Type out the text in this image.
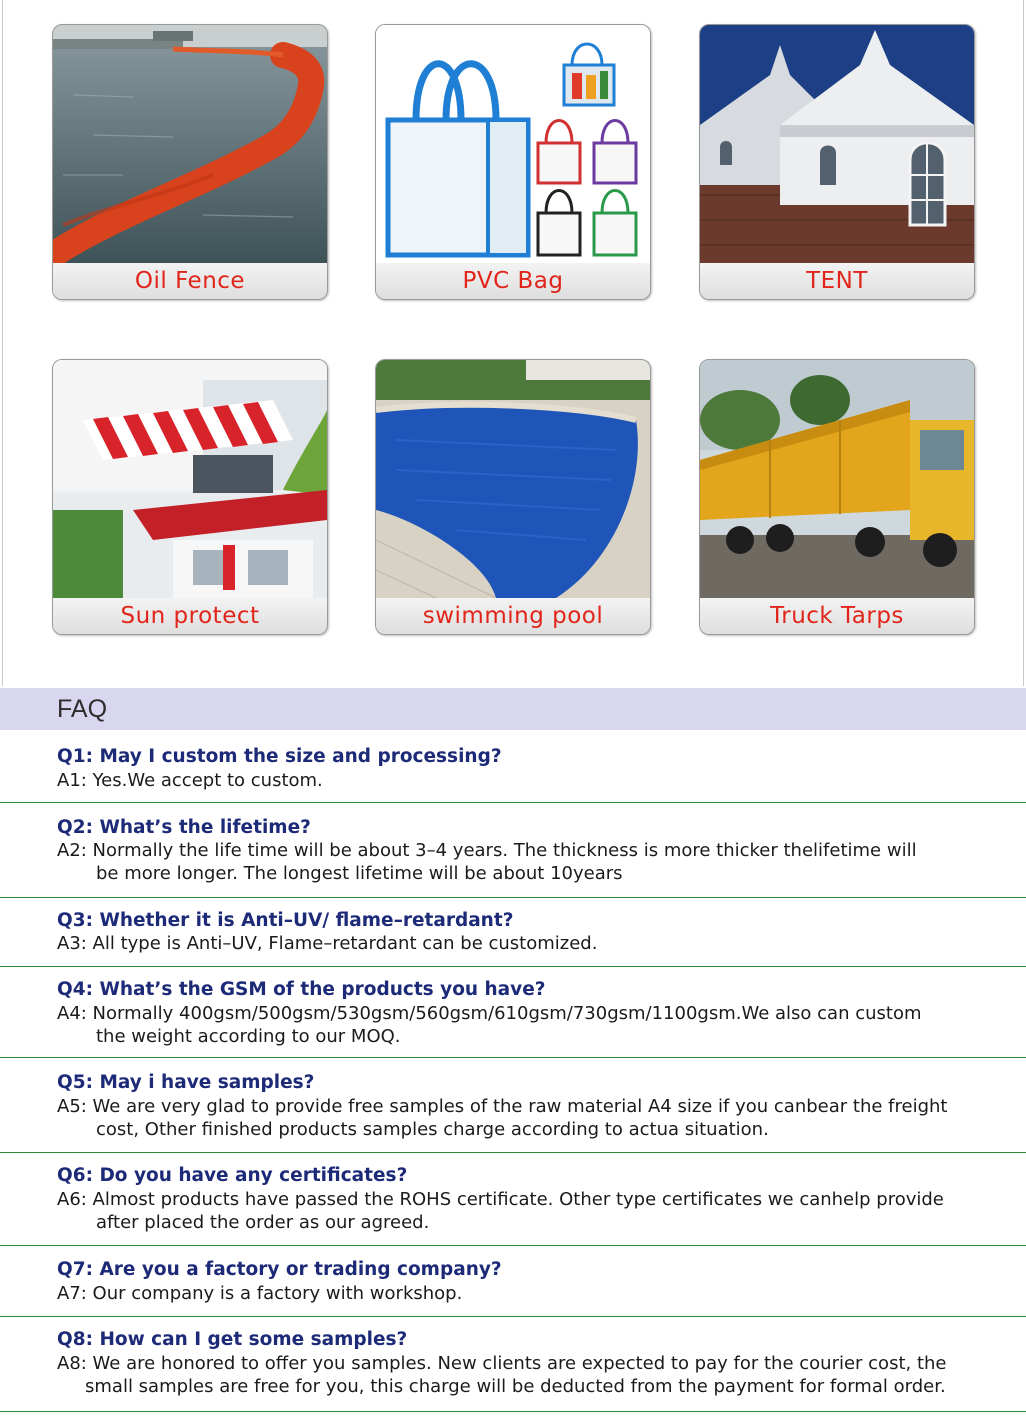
Oil Fence	PVC Bag	TENT
Sun protect	swimming pool	Truck Tarps
FAQ
Q1: May I custom the size and processing?
A1: Yes.We accept to custom.
Q2: What’s the lifetime?
A2: Normally the life time will be about 3–4 years. The thickness is more thicker thelifetime will
be more longer. The longest lifetime will be about 10years
Q3: Whether it is Anti–UV/ flame–retardant?
A3: All type is Anti–UV, Flame–retardant can be customized.
Q4: What’s the GSM of the products you have?
A4: Normally 400gsm/500gsm/530gsm/560gsm/610gsm/730gsm/1100gsm.We also can custom
the weight according to our MOQ.
Q5: May i have samples?
A5: We are very glad to provide free samples of the raw material A4 size if you canbear the freight
cost, Other finished products samples charge according to actua situation.
Q6: Do you have any certificates?
A6: Almost products have passed the ROHS certificate. Other type certificates we canhelp provide
after placed the order as our agreed.
Q7: Are you a factory or trading company?
A7: Our company is a factory with workshop.
Q8: How can I get some samples?
A8: We are honored to offer you samples. New clients are expected to pay for the courier cost, the
small samples are free for you, this charge will be deducted from the payment for formal order.
